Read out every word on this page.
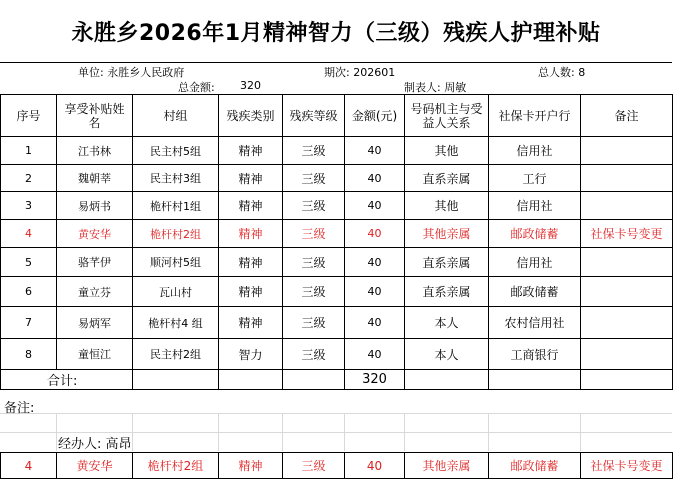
永胜乡2026年1月精神智力（三级）残疾人护理补贴
单位: 永胜乡人民政府	期次: 202601	总人数: 8
总金额: 320	制表人: 周敏
序号	享受补贴姓名	村组	残疾类别	残疾等级	金额(元)	号码机主与受益人关系	社保卡开户行	备注
1	江书林	民主村5组	精神	三级	40	其他	信用社	
2	魏朝莘	民主村3组	精神	三级	40	直系亲属	工行	
3	易炳书	桅杆村1组	精神	三级	40	其他	信用社	
4	黄安华	桅杆村2组	精神	三级	40	其他亲属	邮政储蓄	社保卡号变更
5	骆芊伊	顺河村5组	精神	三级	40	直系亲属	信用社	
6	童立芬	瓦山村	精神	三级	40	直系亲属	邮政储蓄	
7	易炳军	桅杆村4 组	精神	三级	40	本人	农村信用社	
8	童恒江	民主村2组	智力	三级	40	本人	工商银行	
合计:					320			
备注:
经办人: 高昂
4	黄安华	桅杆村2组	精神	三级	40	其他亲属	邮政储蓄	社保卡号变更
